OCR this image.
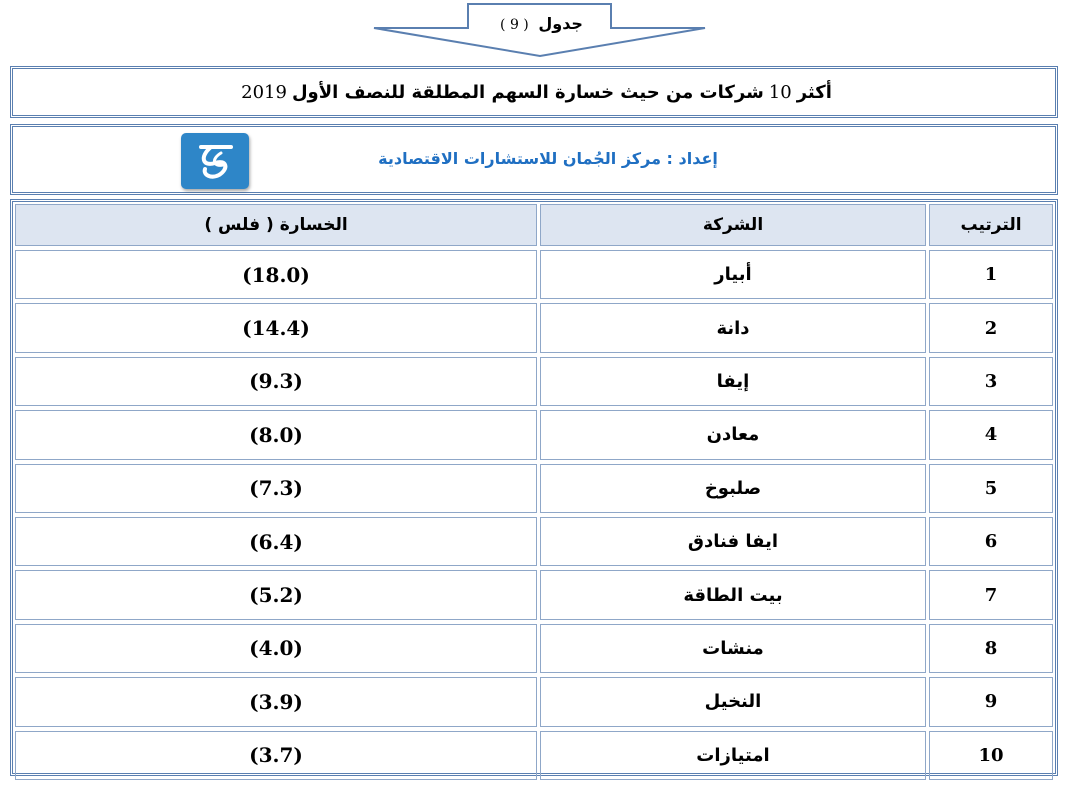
جدول ( 9 )
أكثر
10
شركات من حيث خسارة السهم المطلقة للنصف الأول
2019
إعداد : مركز الجُمان للاستشارات الاقتصادية
الخسارة ( فلس )	الشركة	الترتيب
(18.0)	أبيار	1
(14.4)	دانة	2
(9.3)	إيفا	3
(8.0)	معادن	4
(7.3)	صلبوخ	5
(6.4)	ايفا فنادق	6
(5.2)	بيت الطاقة	7
(4.0)	منشات	8
(3.9)	النخيل	9
(3.7)	امتيازات	10
